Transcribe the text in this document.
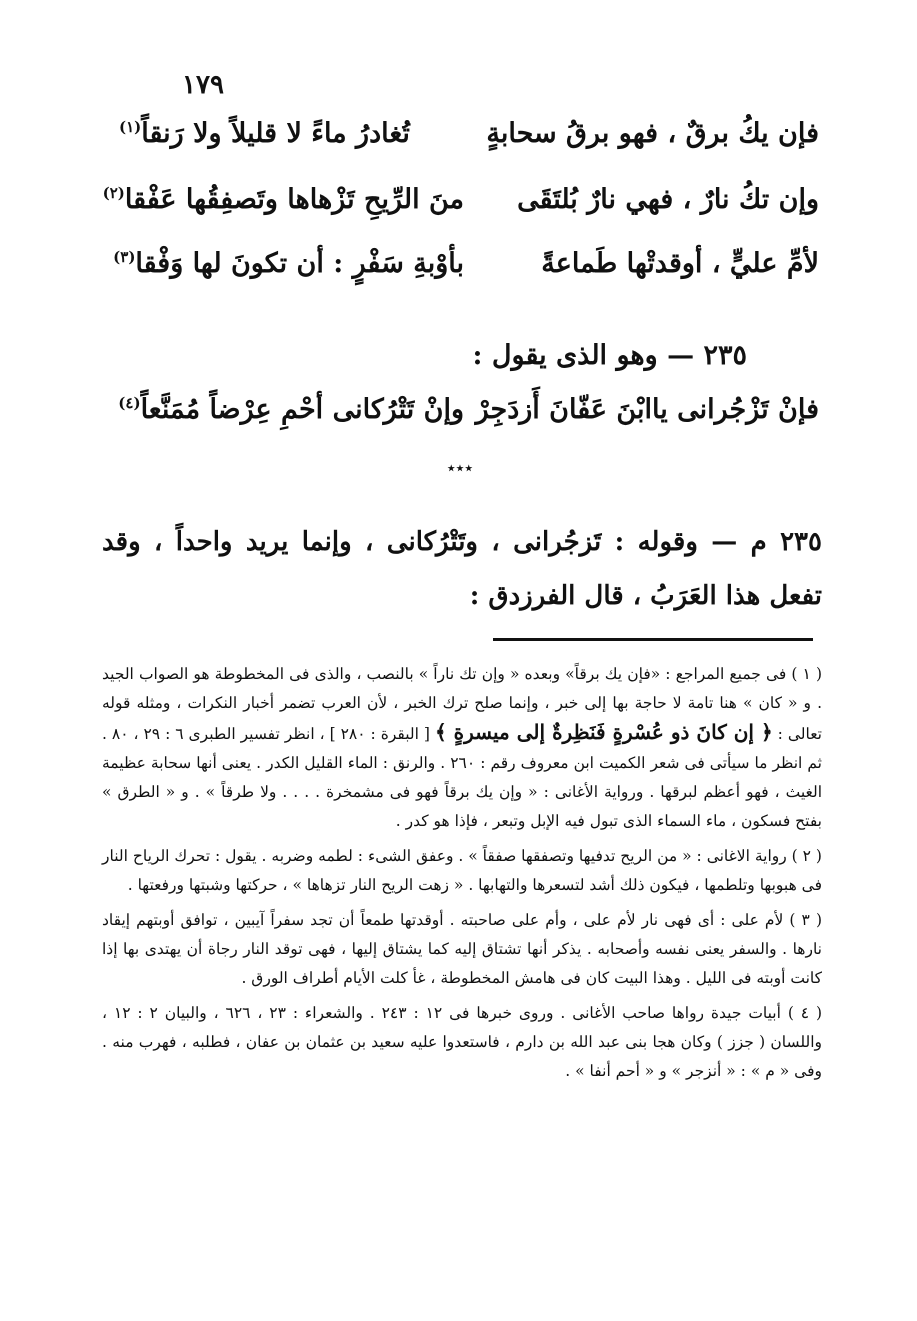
١٧٩
فإن يكُ برقٌ ، فهو برقُ سحابةٍ
تُغادرُ ماءً لا قليلاً ولا رَنقاً$^{(١)}$
وإن تكُ نارٌ ، فهي نارٌ بُلتَقَى
منَ الرِّيحِ تَزْهاها وتَصفِقُها عَفْقا$^{(٢)}$
لأمِّ عليٍّ ، أوقدتْها طَماعةً
بأوْبةِ سَفْرٍ : أن تكونَ لها وَفْقا$^{(٣)}$
٢٣٥ — وهو الذى يقول :
فإنْ تَزْجُرانى ياابْنَ عَفّانَ أَزدَجِرْ
وإنْ تَتْرُكانى أحْمِ عِرْضاً مُمَنَّعاً$^{(٤)}$
٭٭٭
٢٣٥ م — وقوله : تَزجُرانى ، وتَتْرُكانى ، وإنما يريد واحداً ، وقد تفعل هذا العَرَبُ ، قال الفرزدق :

( ١ ) فى جميع المراجع : «فإن يك برقاً» وبعده « وإن تك ناراً » بالنصب ، والذى فى المخطوطة هو الصواب الجيد . و « كان » هنا تامة لا حاجة بها إلى خبر ، وإنما صلح ترك الخبر ، لأن العرب تضمر أخبار النكرات ، ومثله قوله تعالى : ﴿ إن كانَ ذو عُسْرةٍ فَنَظِرةٌ إلى ميسرةٍ ﴾ [ البقرة : ٢٨٠ ] ، انظر تفسير الطبرى ٦ : ٢٩ ، ٨٠ . ثم انظر ما سيأتى فى شعر الكميت ابن معروف رقم : ٢٦٠ . والرنق : الماء القليل الكدر . يعنى أنها سحابة عظيمة الغيث ، فهو أعظم لبرقها . ورواية الأغانى : « وإن يك برقاً فهو فى مشمخرة . . . . ولا طرقاً » . و « الطرق » بفتح فسكون ، ماء السماء الذى تبول فيه الإبل وتبعر ، فإذا هو كدر .

( ٢ ) رواية الاغانى : « من الريح تدفيها وتصفقها صفقاً » . وعفق الشىء : لطمه وضربه . يقول : تحرك الرياح النار فى هبوبها وتلطمها ، فيكون ذلك أشد لتسعرها والتهابها . « زهت الريح النار تزهاها » ، حركتها وشبتها ورفعتها .

( ٣ ) لأم على : أى فهى نار لأم على ، وأم على صاحبته . أوقدتها طمعاً أن تجد سفراً آيبين ، توافق أوبتهم إيقاد نارها . والسفر يعنى نفسه وأصحابه . يذكر أنها تشتاق إليه كما يشتاق إليها ، فهى توقد النار رجاة أن يهتدى بها إذا كانت أوبته فى الليل . وهذا البيت كان فى هامش المخطوطة ، غأ كلت الأيام أطراف الورق .

( ٤ ) أبيات جيدة رواها صاحب الأغانى . وروى خبرها فى ١٢ : ٢٤٣ . والشعراء : ٢٣ ، ٦٢٦ ، والبيان ٢ : ١٢ ، واللسان ( جزز ) وكان هجا بنى عبد الله بن دارم ، فاستعدوا عليه سعيد بن عثمان بن عفان ، فطلبه ، فهرب منه . وفى « م » : « أنزجر » و « أحم أنفا » .
